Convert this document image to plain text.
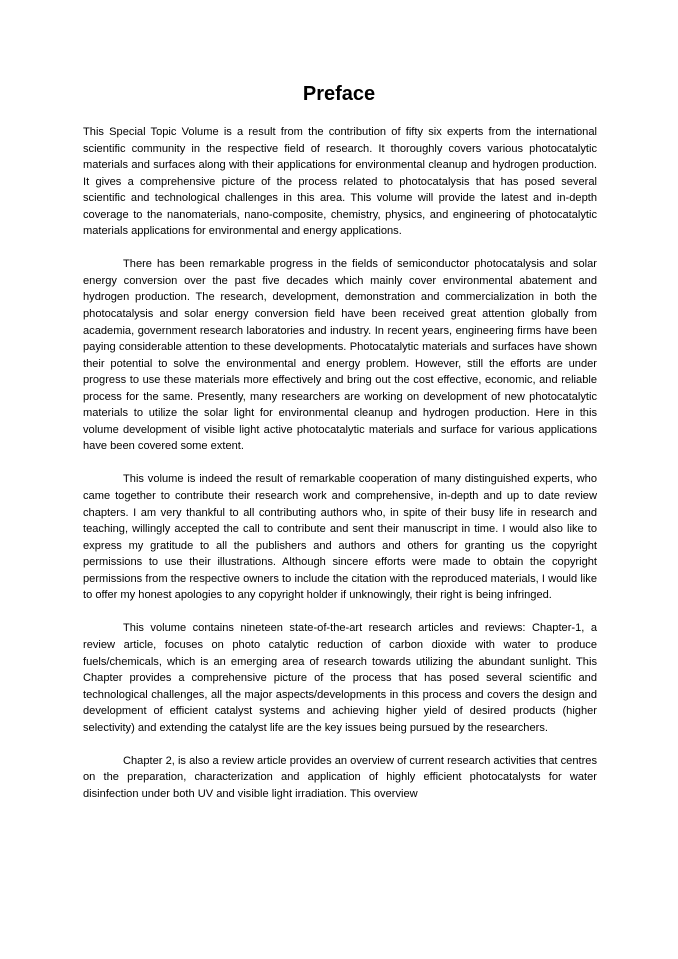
Preface

This Special Topic Volume is a result from the contribution of fifty six experts from the international scientific community in the respective field of research. It thoroughly covers various photocatalytic materials and surfaces along with their applications for environmental cleanup and hydrogen production. It gives a comprehensive picture of the process related to photocatalysis that has posed several scientific and technological challenges in this area. This volume will provide the latest and in-depth coverage to the nanomaterials, nano-composite, chemistry, physics, and engineering of photocatalytic materials applications for environmental and energy applications.

There has been remarkable progress in the fields of semiconductor photocatalysis and solar energy conversion over the past five decades which mainly cover environmental abatement and hydrogen production. The research, development, demonstration and commercialization in both the photocatalysis and solar energy conversion field have been received great attention globally from academia, government research laboratories and industry. In recent years, engineering firms have been paying considerable attention to these developments. Photocatalytic materials and surfaces have shown their potential to solve the environmental and energy problem. However, still the efforts are under progress to use these materials more effectively and bring out the cost effective, economic, and reliable process for the same. Presently, many researchers are working on development of new photocatalytic materials to utilize the solar light for environmental cleanup and hydrogen production. Here in this volume development of visible light active photocatalytic materials and surface for various applications have been covered some extent.

This volume is indeed the result of remarkable cooperation of many distinguished experts, who came together to contribute their research work and comprehensive, in-depth and up to date review chapters. I am very thankful to all contributing authors who, in spite of their busy life in research and teaching, willingly accepted the call to contribute and sent their manuscript in time. I would also like to express my gratitude to all the publishers and authors and others for granting us the copyright permissions to use their illustrations. Although sincere efforts were made to obtain the copyright permissions from the respective owners to include the citation with the reproduced materials, I would like to offer my honest apologies to any copyright holder if unknowingly, their right is being infringed.

This volume contains nineteen state-of-the-art research articles and reviews: Chapter-1, a review article, focuses on photo catalytic reduction of carbon dioxide with water to produce fuels/chemicals, which is an emerging area of research towards utilizing the abundant sunlight. This Chapter provides a comprehensive picture of the process that has posed several scientific and technological challenges, all the major aspects/developments in this process and covers the design and development of efficient catalyst systems and achieving higher yield of desired products (higher selectivity) and extending the catalyst life are the key issues being pursued by the researchers.

Chapter 2, is also a review article provides an overview of current research activities that centres on the preparation, characterization and application of highly efficient photocatalysts for water disinfection under both UV and visible light irradiation. This overview
